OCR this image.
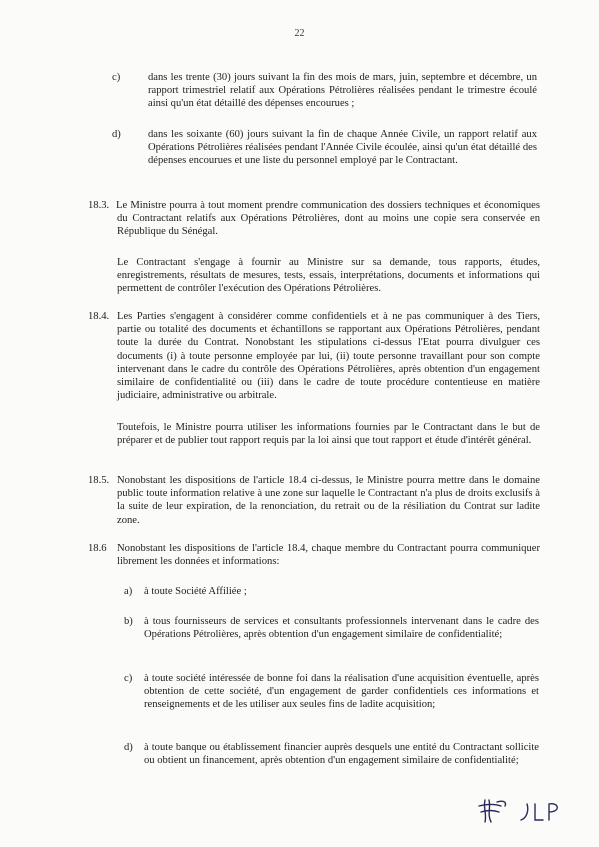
22
c)	dans les trente (30) jours suivant la fin des mois de mars, juin, septembre et décembre, un rapport trimestriel relatif aux Opérations Pétrolières réalisées pendant le trimestre écoulé ainsi qu'un état détaillé des dépenses encourues ;

d)	dans les soixante (60) jours suivant la fin de chaque Année Civile, un rapport relatif aux Opérations Pétrolières réalisées pendant l'Année Civile écoulée, ainsi qu'un état détaillé des dépenses encourues et une liste du personnel employé par le Contractant.

18.3. Le Ministre pourra à tout moment prendre communication des dossiers techniques et économiques du Contractant relatifs aux Opérations Pétrolières, dont au moins une copie sera conservée en République du Sénégal.

Le Contractant s'engage à fournir au Ministre sur sa demande, tous rapports, études, enregistrements, résultats de mesures, tests, essais, interprétations, documents et informations qui permettent de contrôler l'exécution des Opérations Pétrolières.

18.4. Les Parties s'engagent à considérer comme confidentiels et à ne pas communiquer à des Tiers, partie ou totalité des documents et échantillons se rapportant aux Opérations Pétrolières, pendant toute la durée du Contrat. Nonobstant les stipulations ci-dessus l'Etat pourra divulguer ces documents (i) à toute personne employée par lui, (ii) toute personne travaillant pour son compte intervenant dans le cadre du contrôle des Opérations Pétrolières, après obtention d'un engagement similaire de confidentialité ou (iii) dans le cadre de toute procédure contentieuse en matière judiciaire, administrative ou arbitrale.

Toutefois, le Ministre pourra utiliser les informations fournies par le Contractant dans le but de préparer et de publier tout rapport requis par la loi ainsi que tout rapport et étude d'intérêt général.

18.5. Nonobstant les dispositions de l'article 18.4 ci-dessus, le Ministre pourra mettre dans le domaine public toute information relative à une zone sur laquelle le Contractant n'a plus de droits exclusifs à la suite de leur expiration, de la renonciation, du retrait ou de la résiliation du Contrat sur ladite zone.

18.6 Nonobstant les dispositions de l'article 18.4, chaque membre du Contractant pourra communiquer librement les données et informations:

a) à toute Société Affiliée ;

b) à tous fournisseurs de services et consultants professionnels intervenant dans le cadre des Opérations Pétrolières, après obtention d'un engagement similaire de confidentialité;

c) à toute société intéressée de bonne foi dans la réalisation d'une acquisition éventuelle, après obtention de cette société, d'un engagement de garder confidentiels ces informations et renseignements et de les utiliser aux seules fins de ladite acquisition;

d) à toute banque ou établissement financier auprès desquels une entité du Contractant sollicite ou obtient un financement, après obtention d'un engagement similaire de confidentialité;
